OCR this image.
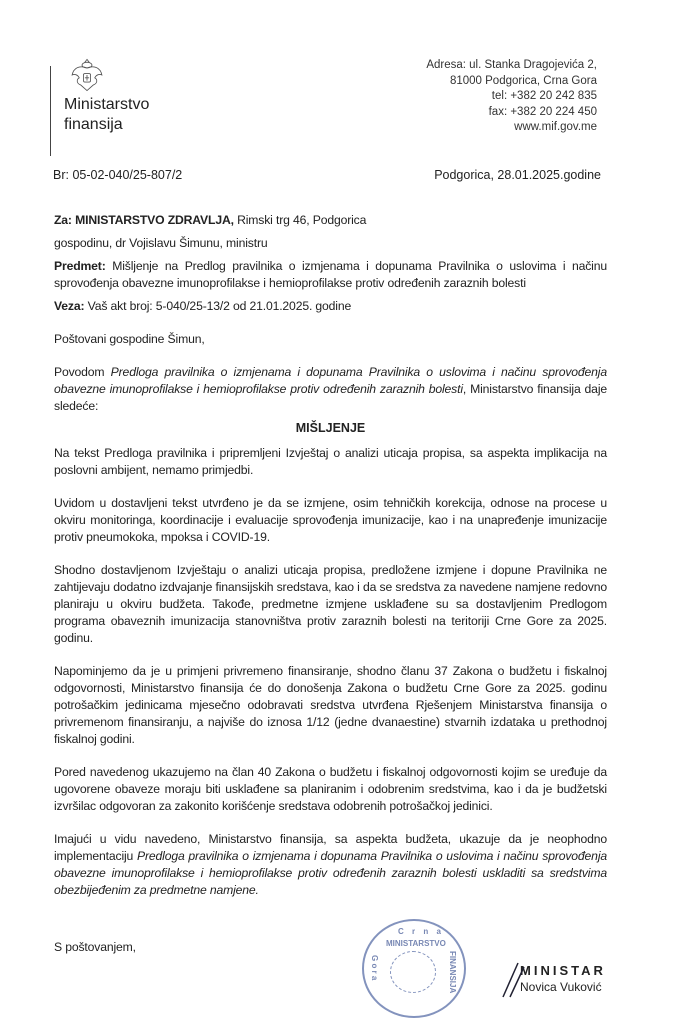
Ministarstvo
finansija
Adresa: ul. Stanka Dragojevića 2,
81000 Podgorica, Crna Gora
tel: +382 20 242 835
fax: +382 20 224 450
www.mif.gov.me
Br: 05-02-040/25-807/2	Podgorica, 28.01.2025.godine
Za: MINISTARSTVO ZDRAVLJA, Rimski trg 46, Podgorica
gospodinu, dr Vojislavu Šimunu, ministru
Predmet: Mišljenje na Predlog pravilnika o izmjenama i dopunama Pravilnika o uslovima i načinu sprovođenja obavezne imunoprofilakse i hemioprofilakse protiv određenih zaraznih bolesti
Veza: Vaš akt broj: 5-040/25-13/2 od 21.01.2025. godine
Poštovani gospodine Šimun,
Povodom Predloga pravilnika o izmjenama i dopunama Pravilnika o uslovima i načinu sprovođenja obavezne imunoprofilakse i hemioprofilakse protiv određenih zaraznih bolesti, Ministarstvo finansija daje sledeće:
MIŠLJENJE
Na tekst Predloga pravilnika i pripremljeni Izvještaj o analizi uticaja propisa, sa aspekta implikacija na poslovni ambijent, nemamo primjedbi.
Uvidom u dostavljeni tekst utvrđeno je da se izmjene, osim tehničkih korekcija, odnose na procese u okviru monitoringa, koordinacije i evaluacije sprovođenja imunizacije, kao i na unapređenje imunizacije protiv pneumokoka, mpoksa i COVID-19.
Shodno dostavljenom Izvještaju o analizi uticaja propisa, predložene izmjene i dopune Pravilnika ne zahtijevaju dodatno izdvajanje finansijskih sredstava, kao i da se sredstva za navedene namjene redovno planiraju u okviru budžeta. Takođe, predmetne izmjene usklađene su sa dostavljenim Predlogom programa obaveznih imunizacija stanovništva protiv zaraznih bolesti na teritoriji Crne Gore za 2025. godinu.
Napominjemo da je u primjeni privremeno finansiranje, shodno članu 37 Zakona o budžetu i fiskalnoj odgovornosti, Ministarstvo finansija će do donošenja Zakona o budžetu Crne Gore za 2025. godinu potrošačkim jedinicama mjesečno odobravati sredstva utvrđena Rješenjem Ministarstva finansija o privremenom finansiranju, a najviše do iznosa 1/12 (jedne dvanaestine) stvarnih izdataka u prethodnoj fiskalnoj godini.
Pored navedenog ukazujemo na član 40 Zakona o budžetu i fiskalnoj odgovornosti kojim se uređuje da ugovorene obaveze moraju biti usklađene sa planiranim i odobrenim sredstvima, kao i da je budžetski izvršilac odgovoran za zakonito korišćenje sredstava odobrenih potrošačkoj jedinici.
Imajući u vidu navedeno, Ministarstvo finansija, sa aspekta budžeta, ukazuje da je neophodno implementaciju Predloga pravilnika o izmjenama i dopunama Pravilnika o uslovima i načinu sprovođenja obavezne imunoprofilakse i hemioprofilakse protiv određenih zaraznih bolesti uskladiti sa sredstvima obezbijeđenim za predmetne namjene.
S poštovanjem,
C r n a
MINISTARSTVO
G o r a	FINANSIJA	MINISTAR
Novica Vuković
